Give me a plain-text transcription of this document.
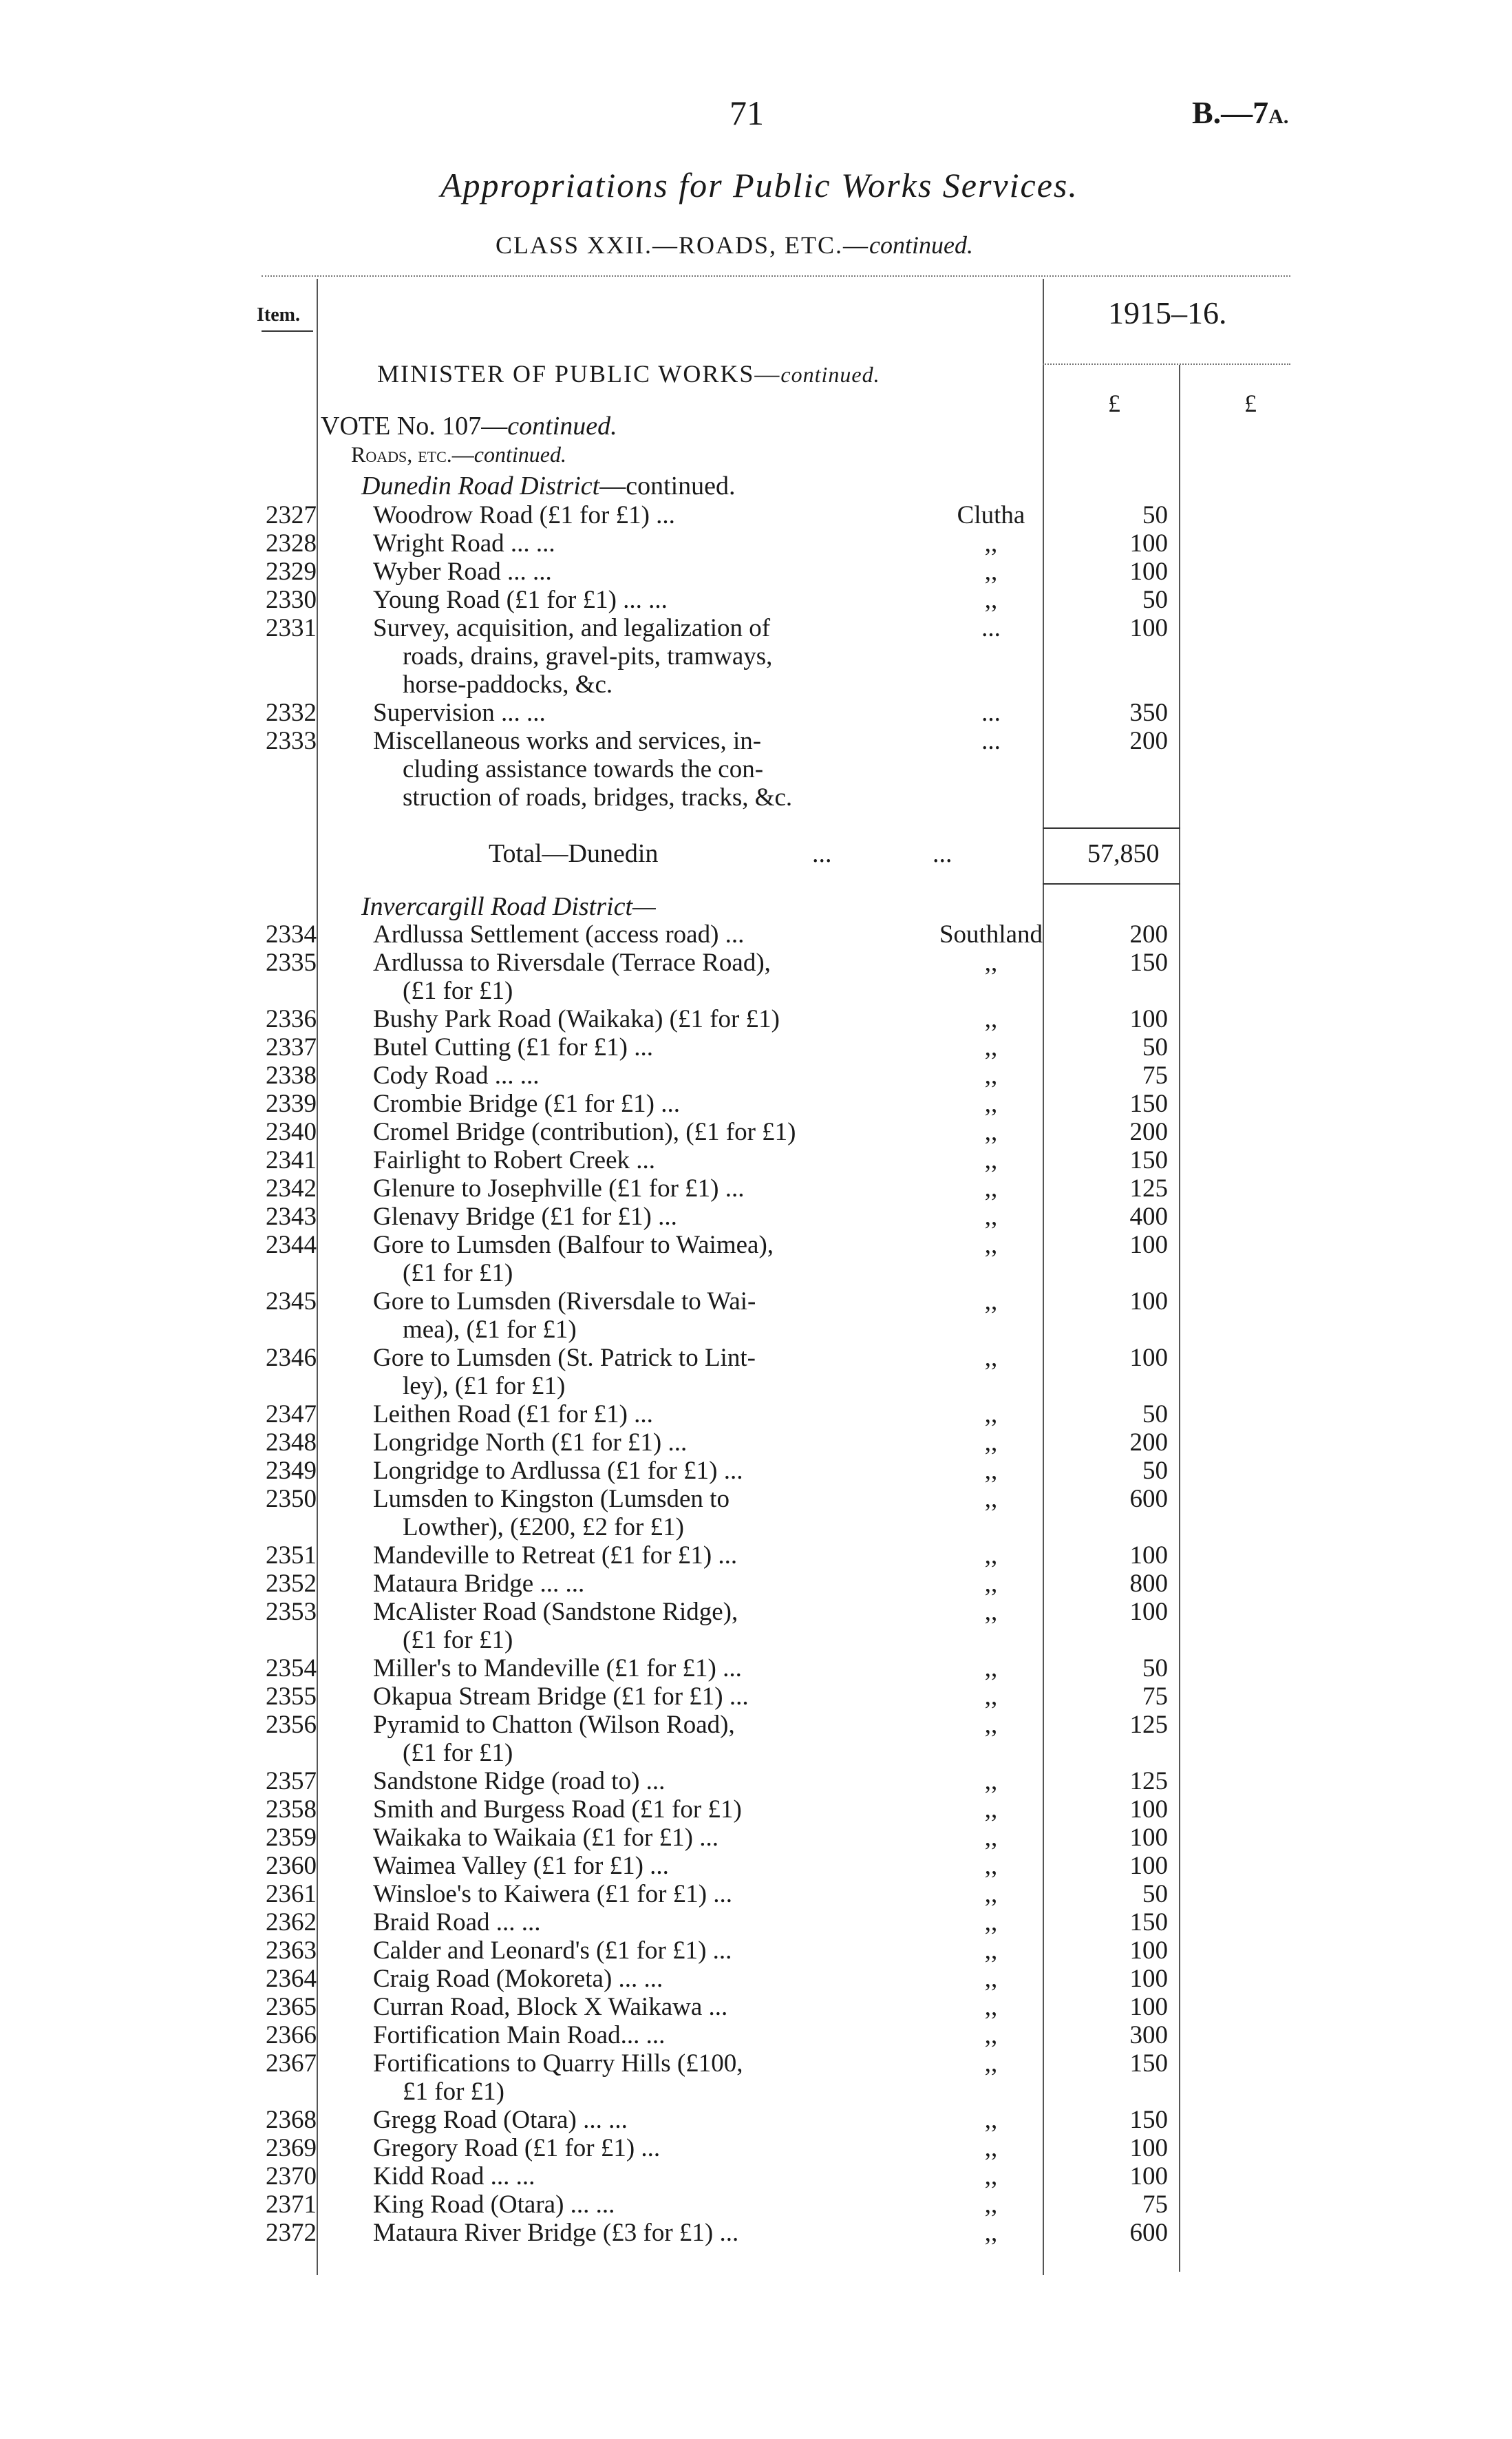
71	B.—7A.
Appropriations for Public Works Services.
CLASS XXII.—ROADS, ETC.—continued.
Item.	1915–16.
MINISTER OF PUBLIC WORKS—continued.
£	£
VOTE No. 107—continued.
Roads, etc.—continued.
Dunedin Road District—continued.
2327 Woodrow Road (£1 for £1) ...	Clutha	50
2328 Wright Road ... ...	,,	100
2329 Wyber Road ... ...	,,	100
2330 Young Road (£1 for £1) ... ...	,,	50
2331 Survey, acquisition, and legalization of	...	100
roads, drains, gravel-pits, tramways,
horse-paddocks, &c.
2332 Supervision ... ...	...	350
2333 Miscellaneous works and services, in-	...	200
cluding assistance towards the con-
struction of roads, bridges, tracks, &c.
Total—Dunedin	...	...	57,850
Invercargill Road District—
2334 Ardlussa Settlement (access road) ...	Southland	200
2335 Ardlussa to Riversdale (Terrace Road),	,,	150
(£1 for £1)
2336 Bushy Park Road (Waikaka) (£1 for £1)	,,	100
2337 Butel Cutting (£1 for £1) ...	,,	50
2338 Cody Road ... ...	,,	75
2339 Crombie Bridge (£1 for £1) ...	,,	150
2340 Cromel Bridge (contribution), (£1 for £1)	,,	200
2341 Fairlight to Robert Creek ...	,,	150
2342 Glenure to Josephville (£1 for £1) ...	,,	125
2343 Glenavy Bridge (£1 for £1) ...	,,	400
2344 Gore to Lumsden (Balfour to Waimea),	,,	100
(£1 for £1)
2345 Gore to Lumsden (Riversdale to Wai-	,,	100
mea), (£1 for £1)
2346 Gore to Lumsden (St. Patrick to Lint-	,,	100
ley), (£1 for £1)
2347 Leithen Road (£1 for £1) ...	,,	50
2348 Longridge North (£1 for £1) ...	,,	200
2349 Longridge to Ardlussa (£1 for £1) ...	,,	50
2350 Lumsden to Kingston (Lumsden to	,,	600
Lowther), (£200, £2 for £1)
2351 Mandeville to Retreat (£1 for £1) ...	,,	100
2352 Mataura Bridge ... ...	,,	800
2353 McAlister Road (Sandstone Ridge),	,,	100
(£1 for £1)
2354 Miller's to Mandeville (£1 for £1) ...	,,	50
2355 Okapua Stream Bridge (£1 for £1) ...	,,	75
2356 Pyramid to Chatton (Wilson Road),	,,	125
(£1 for £1)
2357 Sandstone Ridge (road to) ...	,,	125
2358 Smith and Burgess Road (£1 for £1)	,,	100
2359 Waikaka to Waikaia (£1 for £1) ...	,,	100
2360 Waimea Valley (£1 for £1) ...	,,	100
2361 Winsloe's to Kaiwera (£1 for £1) ...	,,	50
2362 Braid Road ... ...	,,	150
2363 Calder and Leonard's (£1 for £1) ...	,,	100
2364 Craig Road (Mokoreta) ... ...	,,	100
2365 Curran Road, Block X Waikawa ...	,,	100
2366 Fortification Main Road... ...	,,	300
2367 Fortifications to Quarry Hills (£100,	,,	150
£1 for £1)
2368 Gregg Road (Otara) ... ...	,,	150
2369 Gregory Road (£1 for £1) ...	,,	100
2370 Kidd Road ... ...	,,	100
2371 King Road (Otara) ... ...	,,	75
2372 Mataura River Bridge (£3 for £1) ...	,,	600
